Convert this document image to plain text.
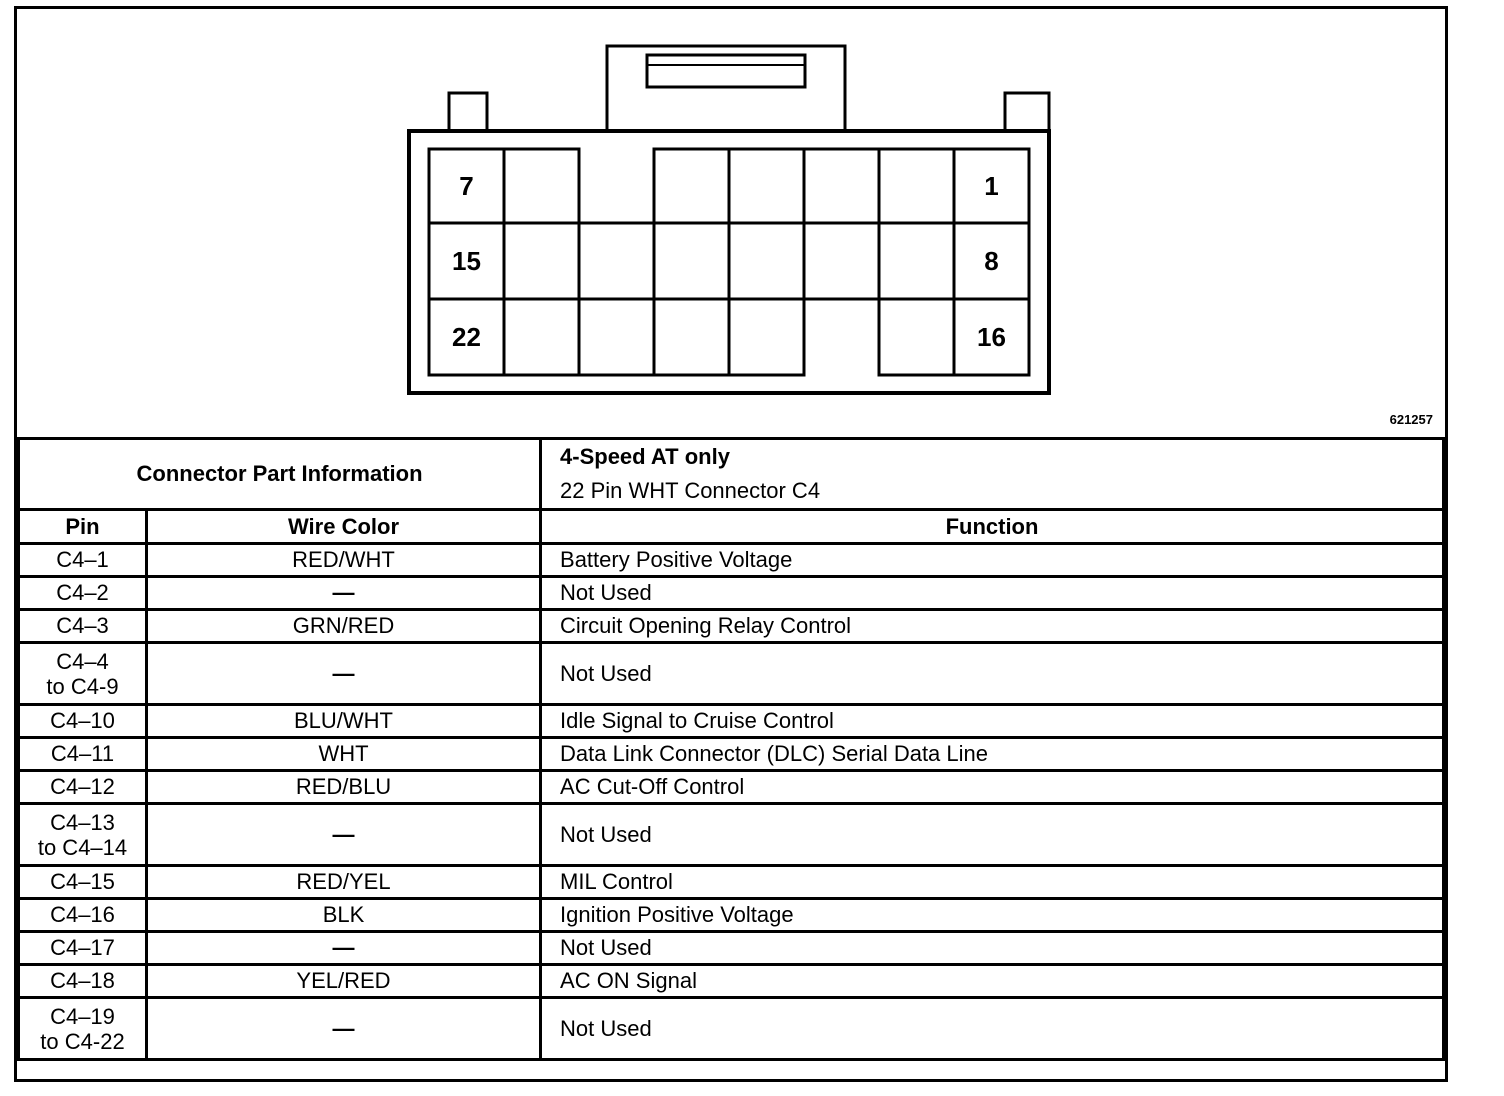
7	1
15	8
22	16
621257
Connector Part Information		4-Speed AT only
22 Pin WHT Connector C4

Pin	Wire Color	Function

C4–1	RED/WHT	Battery Positive Voltage

C4–2	—	Not Used

C4–3	GRN/RED	Circuit Opening Relay Control

C4–4
to C4-9	—	Not Used

C4–10	BLU/WHT	Idle Signal to Cruise Control

C4–11	WHT	Data Link Connector (DLC) Serial Data Line

C4–12	RED/BLU	AC Cut-Off Control

C4–13
to C4–14	—	Not Used

C4–15	RED/YEL	MIL Control

C4–16	BLK	Ignition Positive Voltage

C4–17	—	Not Used

C4–18	YEL/RED	AC ON Signal

C4–19
to C4-22	—	Not Used
